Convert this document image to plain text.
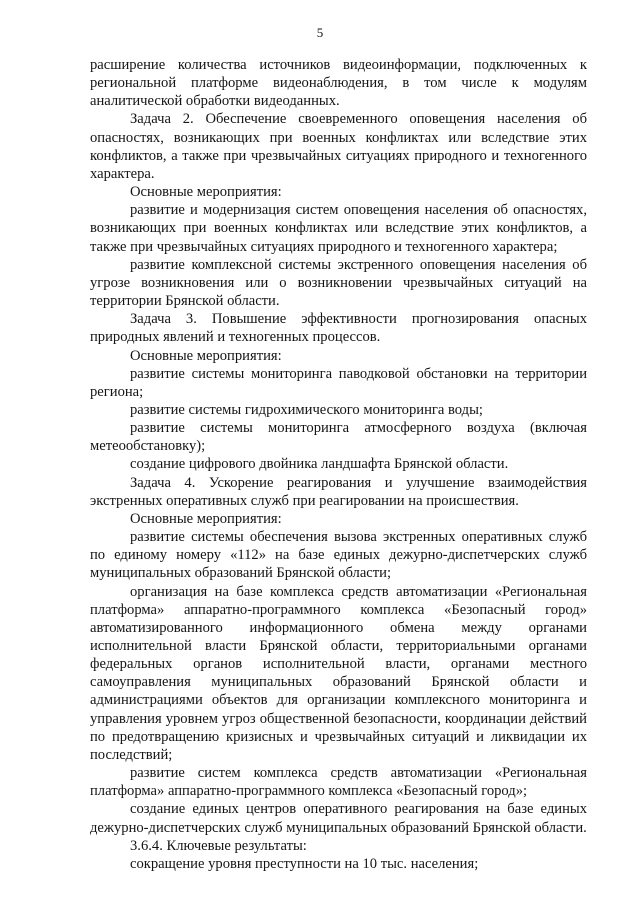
5

расширение количества источников видеоинформации, подключенных к региональной платформе видеонаблюдения, в том числе к модулям аналитической обработки видеоданных.

Задача 2. Обеспечение своевременного оповещения населения об опасностях, возникающих при военных конфликтах или вследствие этих конфликтов, а также при чрезвычайных ситуациях природного и техногенного характера.

Основные мероприятия:

развитие и модернизация систем оповещения населения об опасностях, возникающих при военных конфликтах или вследствие этих конфликтов, а также при чрезвычайных ситуациях природного и техногенного характера;

развитие комплексной системы экстренного оповещения населения об угрозе возникновения или о возникновении чрезвычайных ситуаций на территории Брянской области.

Задача 3. Повышение эффективности прогнозирования опасных природных явлений и техногенных процессов.

Основные мероприятия:

развитие системы мониторинга паводковой обстановки на территории региона;

развитие системы гидрохимического мониторинга воды;

развитие системы мониторинга атмосферного воздуха (включая метеообстановку);

создание цифрового двойника ландшафта Брянской области.

Задача 4. Ускорение реагирования и улучшение взаимодействия экстренных оперативных служб при реагировании на происшествия.

Основные мероприятия:

развитие системы обеспечения вызова экстренных оперативных служб по единому номеру «112» на базе единых дежурно-диспетчерских служб муниципальных образований Брянской области;

организация на базе комплекса средств автоматизации «Региональная платформа» аппаратно-программного комплекса «Безопасный город» автоматизированного информационного обмена между органами исполнительной власти Брянской области, территориальными органами федеральных органов исполнительной власти, органами местного самоуправления муниципальных образований Брянской области и администрациями объектов для организации комплексного мониторинга и управления уровнем угроз общественной безопасности, координации действий по предотвращению кризисных и чрезвычайных ситуаций и ликвидации их последствий;

развитие систем комплекса средств автоматизации «Региональная платформа» аппаратно-программного комплекса «Безопасный город»;

создание единых центров оперативного реагирования на базе единых дежурно-диспетчерских служб муниципальных образований Брянской области.

3.6.4. Ключевые результаты:

сокращение уровня преступности на 10 тыс. населения;
